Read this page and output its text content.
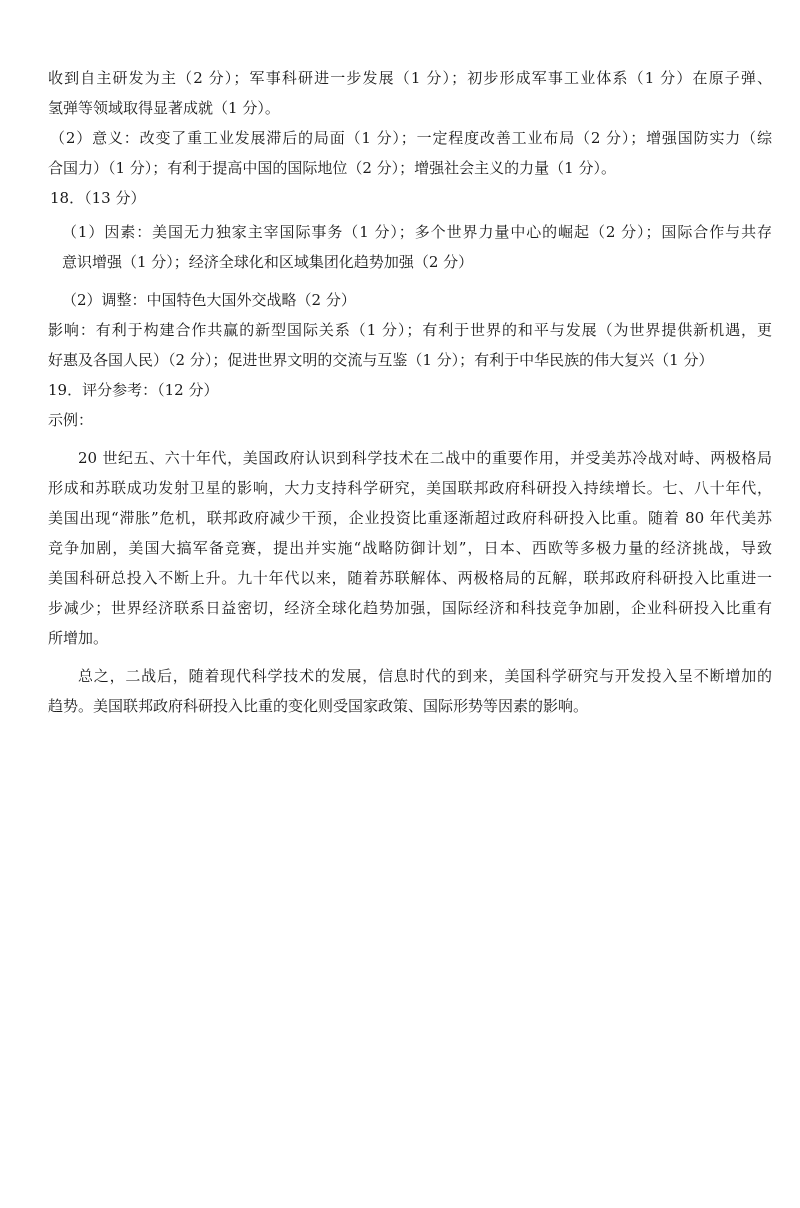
收到自主研发为主（2 分）；军事科研进一步发展（1 分）；初步形成军事工业体系（1 分）在原子弹、
氢弹等领域取得显著成就（1 分）。
（2）意义：改变了重工业发展滞后的局面（1 分）；一定程度改善工业布局（2 分）；增强国防实力（综
合国力）（1 分）；有利于提高中国的国际地位（2 分）；增强社会主义的力量（1 分）。
18．（13 分）
（1）因素：美国无力独家主宰国际事务（1 分）；多个世界力量中心的崛起（2 分）；国际合作与共存
意识增强（1 分）；经济全球化和区域集团化趋势加强（2 分）
（2）调整：中国特色大国外交战略（2 分）
影响：有利于构建合作共赢的新型国际关系（1 分）；有利于世界的和平与发展（为世界提供新机遇，更
好惠及各国人民）（2 分）；促进世界文明的交流与互鉴（1 分）；有利于中华民族的伟大复兴（1 分）
19．评分参考：（12 分）
示例：
20 世纪五、六十年代，美国政府认识到科学技术在二战中的重要作用，并受美苏冷战对峙、两极格局
形成和苏联成功发射卫星的影响，大力支持科学研究，美国联邦政府科研投入持续增长。七、八十年代，
美国出现“滞胀”危机，联邦政府减少干预，企业投资比重逐渐超过政府科研投入比重。随着 80 年代美苏
竞争加剧，美国大搞军备竞赛，提出并实施“战略防御计划”，日本、西欧等多极力量的经济挑战，导致
美国科研总投入不断上升。九十年代以来，随着苏联解体、两极格局的瓦解，联邦政府科研投入比重进一
步减少；世界经济联系日益密切，经济全球化趋势加强，国际经济和科技竞争加剧，企业科研投入比重有
所增加。
总之，二战后，随着现代科学技术的发展，信息时代的到来，美国科学研究与开发投入呈不断增加的
趋势。美国联邦政府科研投入比重的变化则受国家政策、国际形势等因素的影响。
